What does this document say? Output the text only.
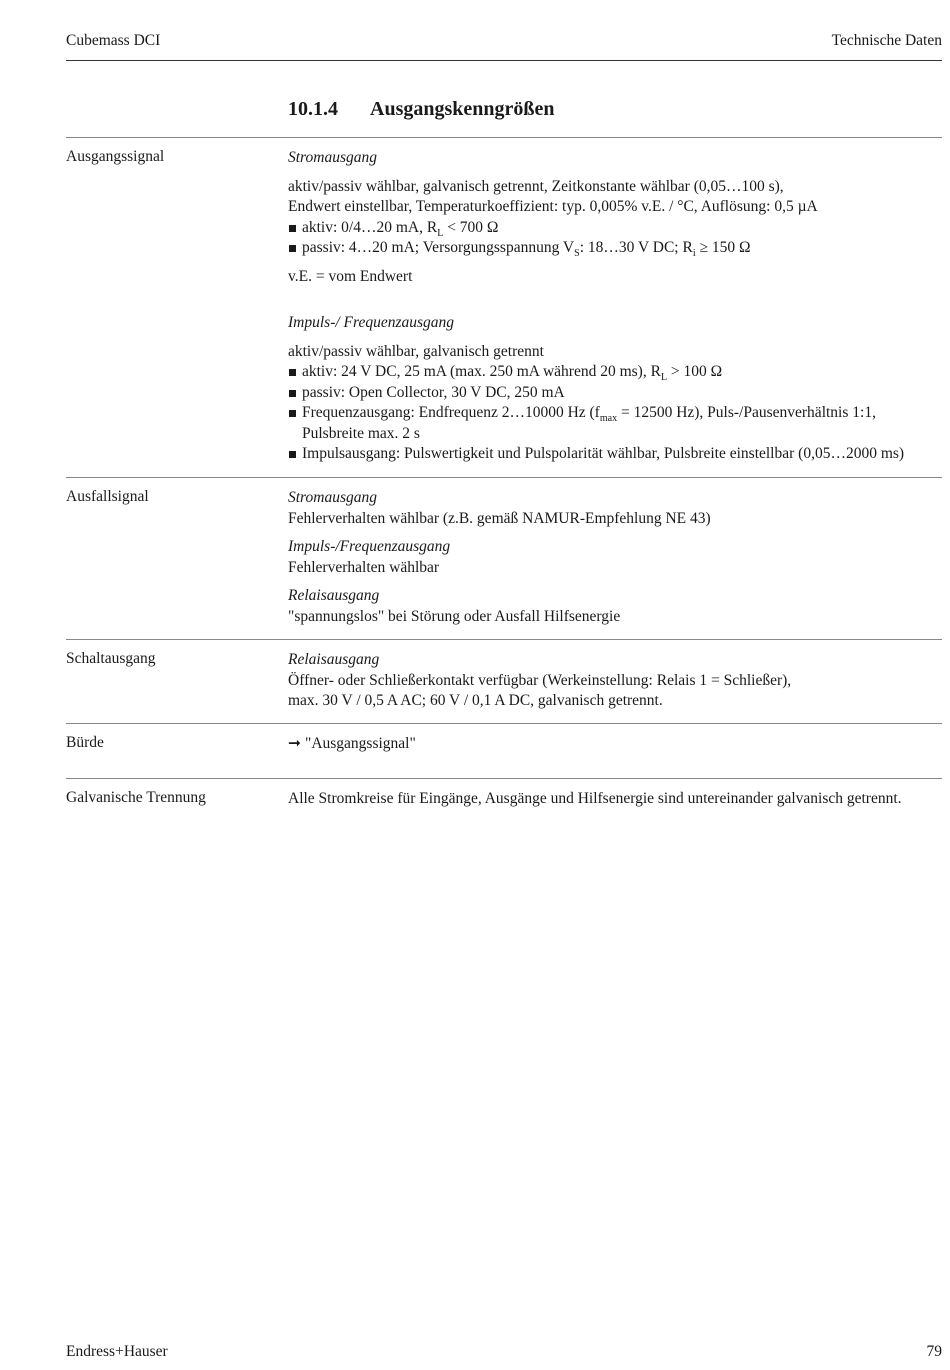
Cubemass DCI	Technische Daten
10.1.4 Ausgangskenngrößen
Ausgangssignal	Stromausgang

aktiv/passiv wählbar, galvanisch getrennt, Zeitkonstante wählbar (0,05…100 s),

Endwert einstellbar, Temperaturkoeffizient: typ. 0,005% v.E. / °C, Auflösung: 0,5 µA

aktiv: 0/4…20 mA, $R_L < 700$ Ω
passiv: 4…20 mA; Versorgungsspannung $V_S$: 18…30 V DC; $R_i \ge 150$ Ω

v.E. = vom Endwert

Impuls-/ Frequenzausgang

aktiv/passiv wählbar, galvanisch getrennt

aktiv: 24 V DC, 25 mA (max. 250 mA während 20 ms), $R_L > 100$ Ω
passiv: Open Collector, 30 V DC, 250 mA
Frequenzausgang: Endfrequenz 2…10000 Hz ($f_{max} = 12500$ Hz), Puls-/Pausenverhältnis 1:1,
Pulsbreite max. 2 s
Impulsausgang: Pulswertigkeit und Pulspolarität wählbar, Pulsbreite einstellbar (0,05…2000 ms)
Ausfallsignal	Stromausgang

Fehlerverhalten wählbar (z.B. gemäß NAMUR-Empfehlung NE 43)

Impuls-/Frequenzausgang

Fehlerverhalten wählbar

Relaisausgang

"spannungslos" bei Störung oder Ausfall Hilfsenergie

Schaltausgang	Relaisausgang

Öffner- oder Schließerkontakt verfügbar (Werkeinstellung: Relais 1 = Schließer),

max. 30 V / 0,5 A AC; 60 V / 0,1 A DC, galvanisch getrennt.

Bürde	➞ "Ausgangssignal"

Galvanische Trennung	Alle Stromkreise für Eingänge, Ausgänge und Hilfsenergie sind untereinander galvanisch getrennt.

Endress+Hauser	79
